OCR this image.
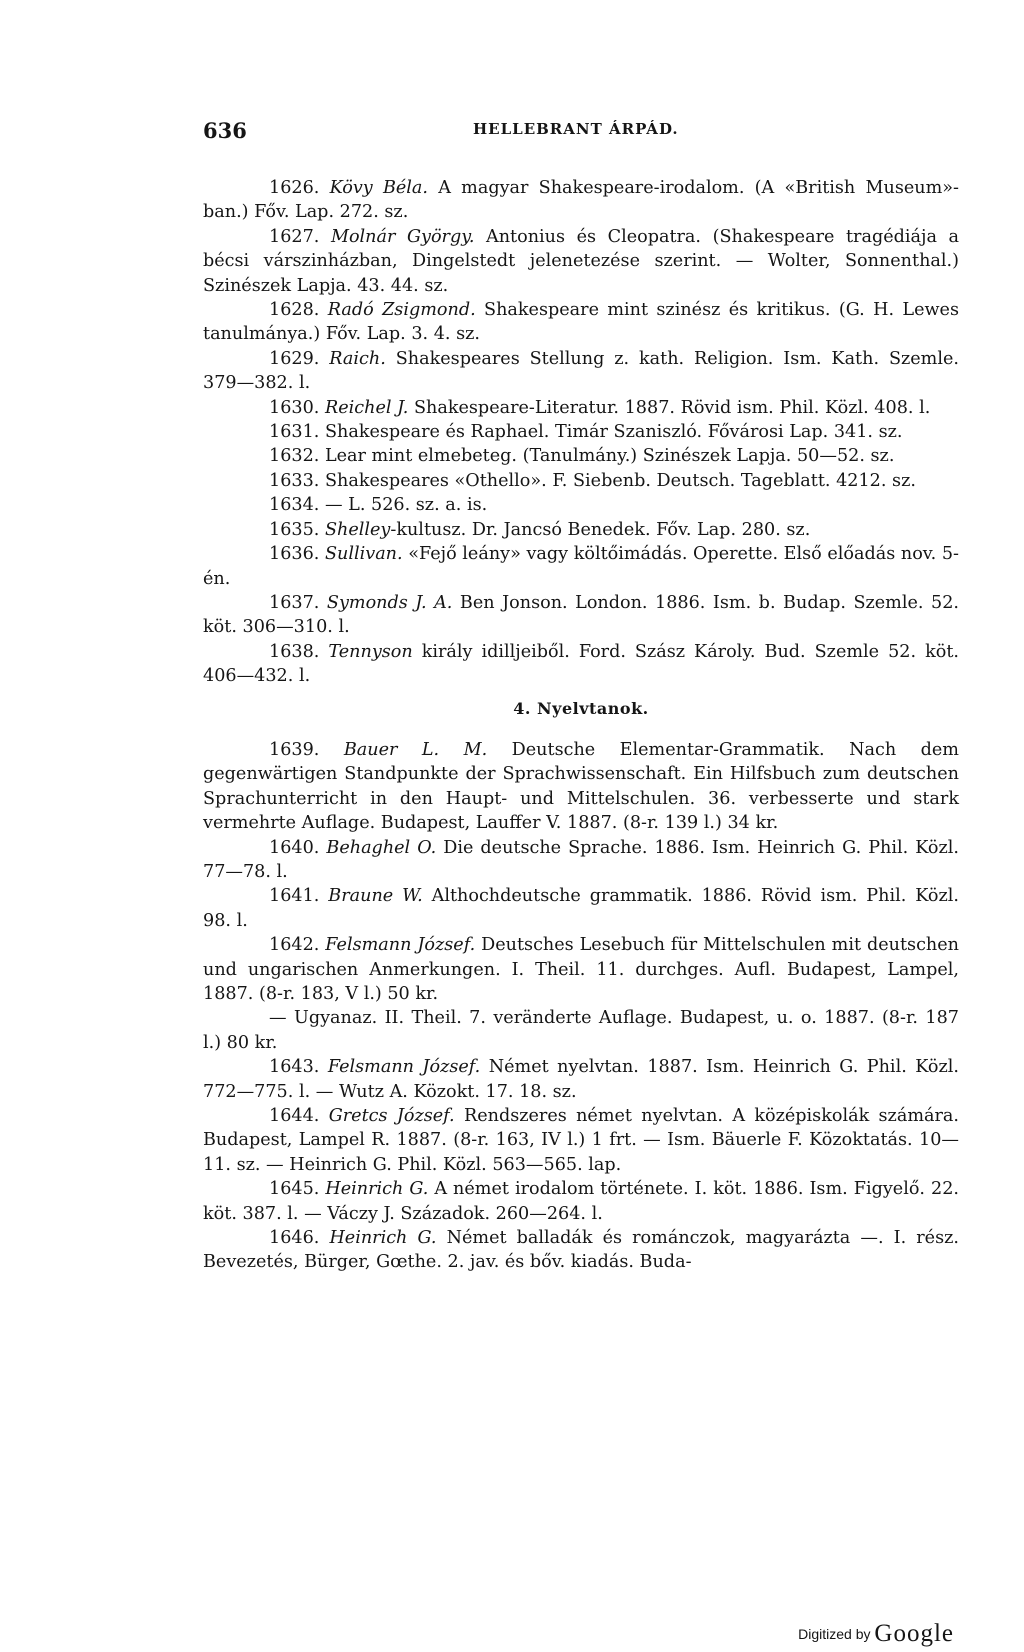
636	HELLEBRANT ÁRPÁD.

1626. Kövy Béla. A magyar Shakespeare-irodalom. (A «British Museum»-ban.) Főv. Lap. 272. sz.

1627. Molnár György. Antonius és Cleopatra. (Shakespeare tragédiája a bécsi várszinházban, Dingelstedt jelenetezése szerint. — Wolter, Sonnenthal.) Szinészek Lapja. 43. 44. sz.

1628. Radó Zsigmond. Shakespeare mint szinész és kritikus. (G. H. Lewes tanulmánya.) Főv. Lap. 3. 4. sz.

1629. Raich. Shakespeares Stellung z. kath. Religion. Ism. Kath. Szemle. 379—382. l.

1630. Reichel J. Shakespeare-Literatur. 1887. Rövid ism. Phil. Közl. 408. l.

1631. Shakespeare és Raphael. Timár Szaniszló. Fővárosi Lap. 341. sz.

1632. Lear mint elmebeteg. (Tanulmány.) Szinészek Lapja. 50—52. sz.

1633. Shakespeares «Othello». F. Siebenb. Deutsch. Tageblatt. 4212. sz.

1634. — L. 526. sz. a. is.

1635. Shelley-kultusz. Dr. Jancsó Benedek. Főv. Lap. 280. sz.

1636. Sullivan. «Fejő leány» vagy költőimádás. Operette. Első előadás nov. 5-én.

1637. Symonds J. A. Ben Jonson. London. 1886. Ism. b. Budap. Szemle. 52. köt. 306—310. l.

1638. Tennyson király idilljeiből. Ford. Szász Károly. Bud. Szemle 52. köt. 406—432. l.

4. Nyelvtanok.

1639. Bauer L. M. Deutsche Elementar-Grammatik. Nach dem gegenwärtigen Standpunkte der Sprachwissenschaft. Ein Hilfsbuch zum deutschen Sprachunterricht in den Haupt- und Mittelschulen. 36. verbesserte und stark vermehrte Auflage. Budapest, Lauffer V. 1887. (8-r. 139 l.) 34 kr.

1640. Behaghel O. Die deutsche Sprache. 1886. Ism. Heinrich G. Phil. Közl. 77—78. l.

1641. Braune W. Althochdeutsche grammatik. 1886. Rövid ism. Phil. Közl. 98. l.

1642. Felsmann József. Deutsches Lesebuch für Mittelschulen mit deutschen und ungarischen Anmerkungen. I. Theil. 11. durchges. Aufl. Budapest, Lampel, 1887. (8-r. 183, V l.) 50 kr.

— Ugyanaz. II. Theil. 7. veränderte Auflage. Budapest, u. o. 1887. (8-r. 187 l.) 80 kr.

1643. Felsmann József. Német nyelvtan. 1887. Ism. Heinrich G. Phil. Közl. 772—775. l. — Wutz A. Közokt. 17. 18. sz.

1644. Gretcs József. Rendszeres német nyelvtan. A középiskolák számára. Budapest, Lampel R. 1887. (8-r. 163, IV l.) 1 frt. — Ism. Bäuerle F. Közoktatás. 10—11. sz. — Heinrich G. Phil. Közl. 563—565. lap.

1645. Heinrich G. A német irodalom története. I. köt. 1886. Ism. Figyelő. 22. köt. 387. l. — Váczy J. Századok. 260—264. l.

1646. Heinrich G. Német balladák és románczok, magyarázta —. I. rész. Bevezetés, Bürger, Gœthe. 2. jav. és bőv. kiadás. Buda-

Digitized by Google
